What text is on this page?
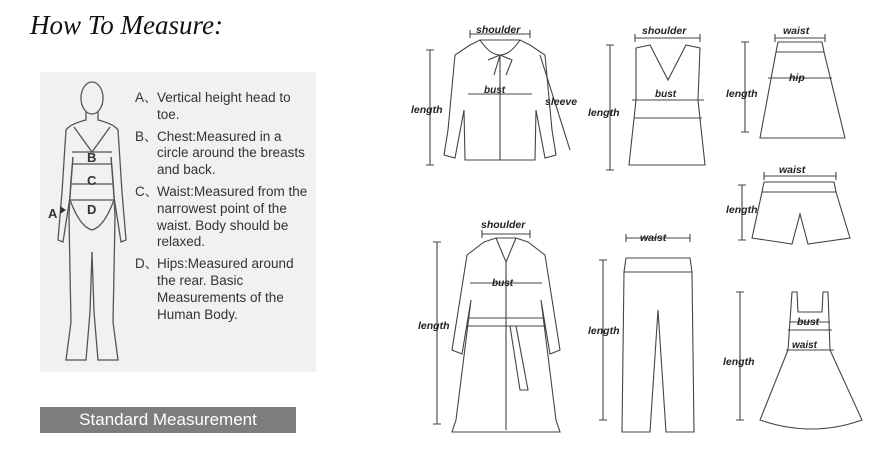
How To Measure:
A
B
C
D
A、 Vertical height head to toe.
B、 Chest:Measured in a circle around the breasts and back.
C、
Waist:Measured from the narrowest point of the waist. Body should be relaxed.
D、
Hips:Measured around the rear. Basic Measurements of the Human Body.
Standard Measurement
shoulder
bust
sleeve
length
shoulder
bust
length
waist
hip
length
waist
length
shoulder
bust
length
waist
length
bust
waist
length
